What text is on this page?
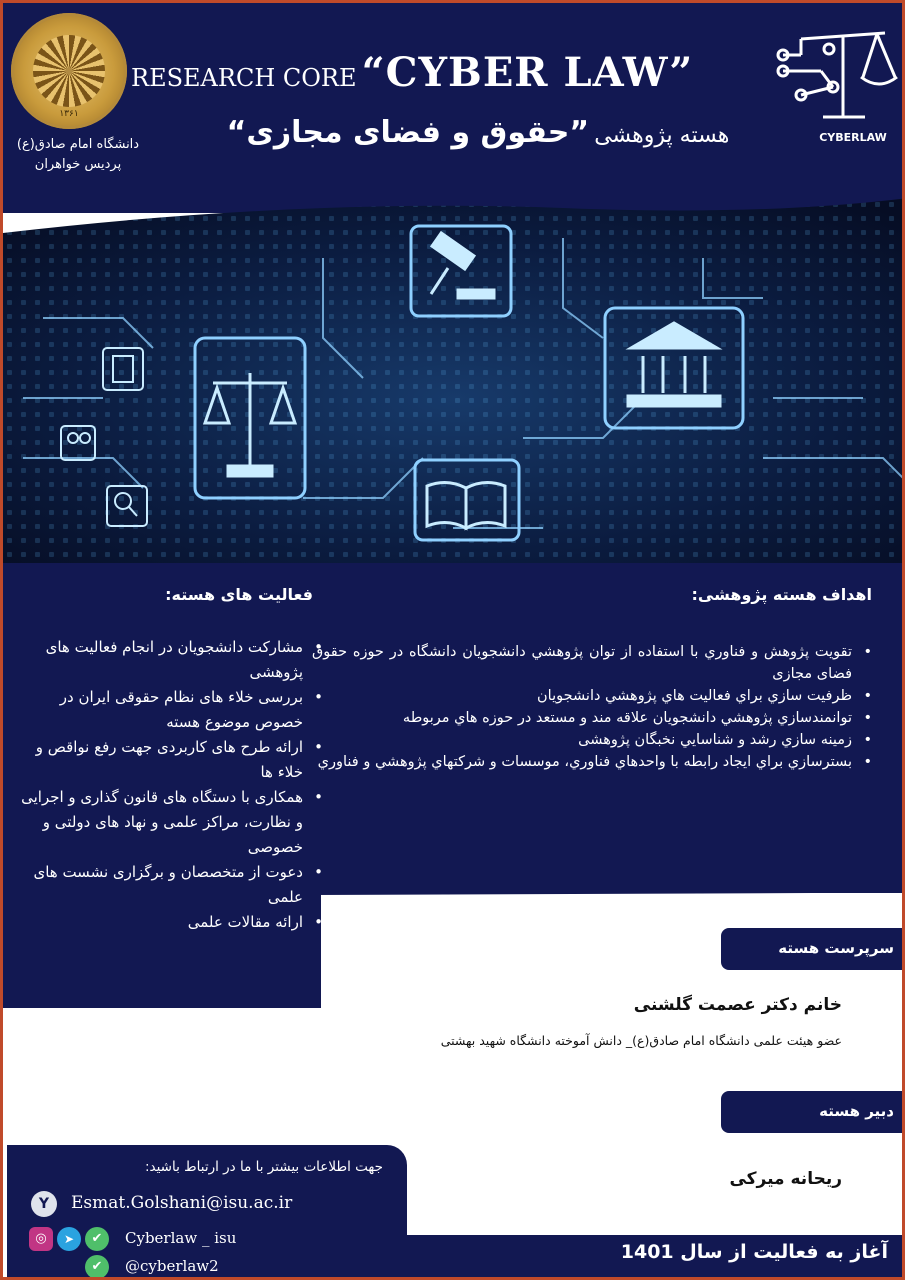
۱۳۶۱
دانشگاه امام صادق(ع)
پردیس خواهران
RESEARCH CORE “CYBER LAW”
هسته پژوهشی ”حقوق و فضای مجازی“	CYBERLAW
اهداف هسته پژوهشی:
فعالیت های هسته:
• تقویت پژوهش و فناوري با استفاده از توان پژوهشي دانشجویان دانشگاه در حوزه حقوق فضای مجازی
• ظرفیت سازي براي فعالیت هاي پژوهشي دانشجویان
• توانمندسازي پژوهشي دانشجویان علاقه مند و مستعد در حوزه هاي مربوطه
• زمینه سازي رشد و شناسايي نخبگان پژوهشی
• بسترسازي براي ايجاد رابطه با واحدهاي فناوري، موسسات و شركتهاي پژوهشي و فناوري
• مشارکت دانشجویان در انجام فعالیت های پژوهشی
• بررسی خلاء های نظام حقوقی ایران در خصوص موضوع هسته
• ارائه طرح های کاربردی جهت رفع نواقص و خلاء ها
• همکاری با دستگاه های قانون گذاری و اجرایی و نظارت، مراکز علمی و نهاد های دولتی و خصوصی
• دعوت از متخصصان و برگزاری نشست های علمی
• ارائه مقالات علمی
سرپرست هسته
خانم دکتر عصمت گلشنی
عضو هیئت علمی دانشگاه امام صادق(ع)_ دانش آموخته دانشگاه شهید بهشتی
دبیر هسته
ریحانه میرکی
جهت اطلاعات بیشتر با ما در ارتباط باشید:
Y	Esmat.Golshani@isu.ac.ir
◎	➤	✔	Cyberlaw _ isu
✔	@cyberlaw2
آغاز به فعالیت از سال 1401
